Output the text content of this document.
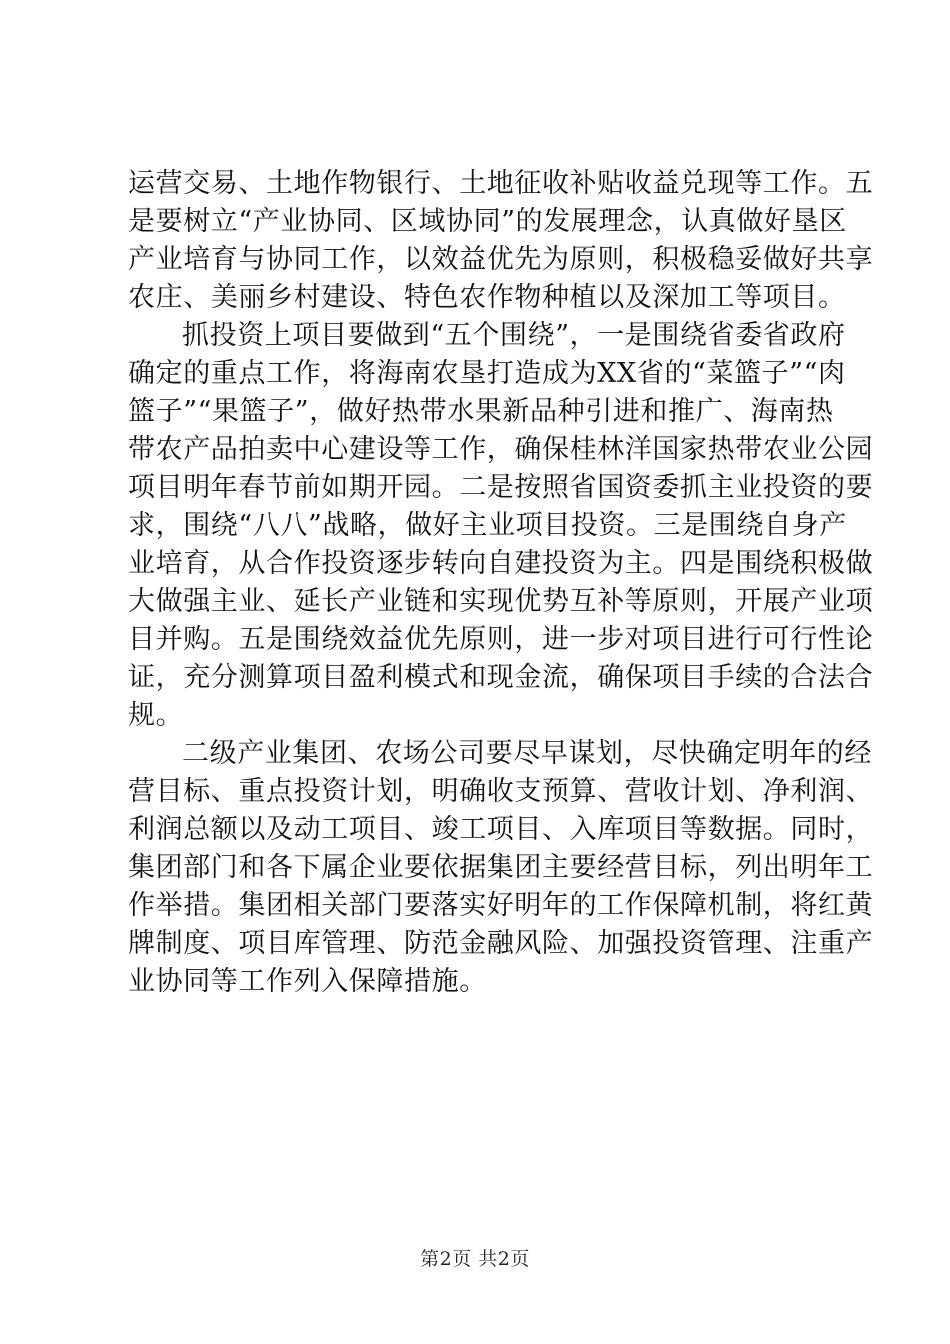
运营交易、土地作物银行、土地征收补贴收益兑现等工作。五
是要树立“产业协同、区域协同”的发展理念，认真做好垦区
产业培育与协同工作，以效益优先为原则，积极稳妥做好共享
农庄、美丽乡村建设、特色农作物种植以及深加工等项目。
抓投资上项目要做到“五个围绕”，一是围绕省委省政府
确定的重点工作，将海南农垦打造成为XX省的“菜篮子”“肉
篮子”“果篮子”，做好热带水果新品种引进和推广、海南热
带农产品拍卖中心建设等工作，确保桂林洋国家热带农业公园
项目明年春节前如期开园。二是按照省国资委抓主业投资的要
求，围绕“八八”战略，做好主业项目投资。三是围绕自身产
业培育，从合作投资逐步转向自建投资为主。四是围绕积极做
大做强主业、延长产业链和实现优势互补等原则，开展产业项
目并购。五是围绕效益优先原则，进一步对项目进行可行性论
证，充分测算项目盈利模式和现金流，确保项目手续的合法合
规。
二级产业集团、农场公司要尽早谋划，尽快确定明年的经
营目标、重点投资计划，明确收支预算、营收计划、净利润、
利润总额以及动工项目、竣工项目、入库项目等数据。同时，
集团部门和各下属企业要依据集团主要经营目标，列出明年工
作举措。集团相关部门要落实好明年的工作保障机制，将红黄
牌制度、项目库管理、防范金融风险、加强投资管理、注重产
业协同等工作列入保障措施。
第2页 共2页
